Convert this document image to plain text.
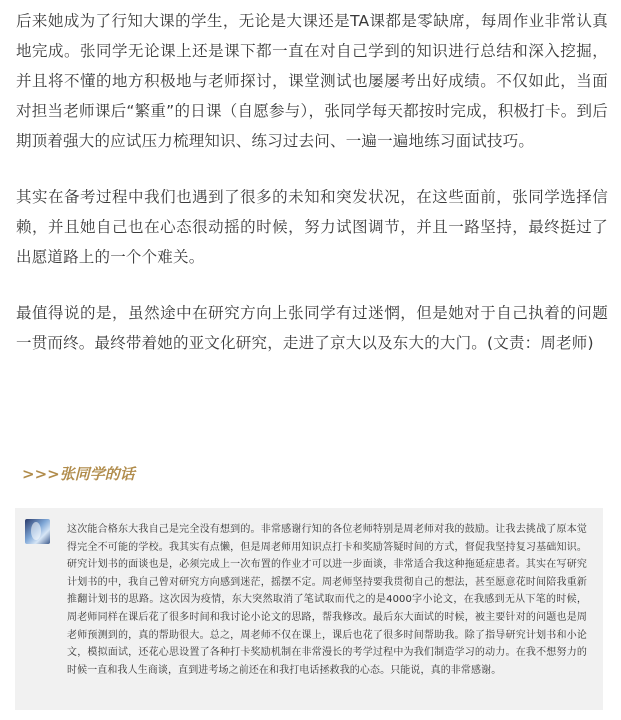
后来她成为了行知大课的学生，无论是大课还是TA课都是零缺席，每周作业非常认真地完成。张同学无论课上还是课下都一直在对自己学到的知识进行总结和深入挖掘，并且将不懂的地方积极地与老师探讨，课堂测试也屡屡考出好成绩。不仅如此，当面对担当老师课后“繁重”的日课（自愿参与），张同学每天都按时完成，积极打卡。到后期顶着强大的应试压力梳理知识、练习过去问、一遍一遍地练习面试技巧。

其实在备考过程中我们也遇到了很多的未知和突发状况，在这些面前，张同学选择信赖，并且她自己也在心态很动摇的时候，努力试图调节，并且一路坚持，最终挺过了出愿道路上的一个个难关。

最值得说的是，虽然途中在研究方向上张同学有过迷惘，但是她对于自己执着的问题一贯而终。最终带着她的亚文化研究，走进了京大以及东大的大门。(文责：周老师)

>>>张同学的话

这次能合格东大我自己是完全没有想到的。非常感谢行知的各位老师特别是周老师对我的鼓励。让我去挑战了原本觉得完全不可能的学校。我其实有点懒，但是周老师用知识点打卡和奖励答疑时间的方式，督促我坚持复习基础知识。研究计划书的面谈也是，必须完成上一次布置的作业才可以进一步面谈，非常适合我这种拖延症患者。其实在写研究计划书的中，我自己曾对研究方向感到迷茫，摇摆不定。周老师坚持要我贯彻自己的想法，甚至愿意花时间陪我重新推翻计划书的思路。这次因为疫情，东大突然取消了笔试取而代之的是4000字小论文，在我感到无从下笔的时候，周老师同样在课后花了很多时间和我讨论小论文的思路，帮我修改。最后东大面试的时候，被主要针对的问题也是周老师预测到的，真的帮助很大。总之，周老师不仅在课上，课后也花了很多时间帮助我。除了指导研究计划书和小论文，模拟面试，还花心思设置了各种打卡奖励机制在非常漫长的考学过程中为我们制造学习的动力。在我不想努力的时候一直和我人生商谈，直到进考场之前还在和我打电话拯救我的心态。只能说，真的非常感谢。
